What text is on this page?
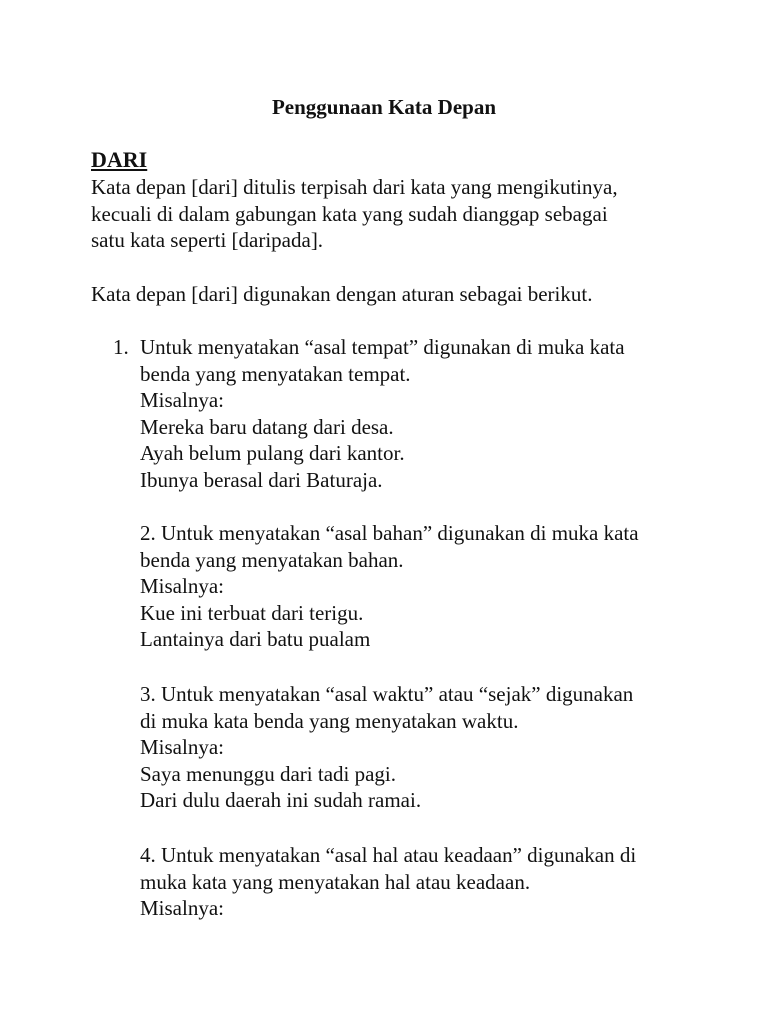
Penggunaan Kata Depan
DARI

Kata depan [dari] ditulis terpisah dari kata yang mengikutinya,
kecuali di dalam gabungan kata yang sudah dianggap sebagai
satu kata seperti [daripada].

Kata depan [dari] digunakan dengan aturan sebagai berikut.

1. Untuk menyatakan “asal tempat” digunakan di muka kata
benda yang menyatakan tempat.
Misalnya:
Mereka baru datang dari desa.
Ayah belum pulang dari kantor.
Ibunya berasal dari Baturaja.
2. Untuk menyatakan “asal bahan” digunakan di muka kata
benda yang menyatakan bahan.
Misalnya:
Kue ini terbuat dari terigu.
Lantainya dari batu pualam
3. Untuk menyatakan “asal waktu” atau “sejak” digunakan
di muka kata benda yang menyatakan waktu.
Misalnya:
Saya menunggu dari tadi pagi.
Dari dulu daerah ini sudah ramai.
4. Untuk menyatakan “asal hal atau keadaan” digunakan di
muka kata yang menyatakan hal atau keadaan.
Misalnya:
